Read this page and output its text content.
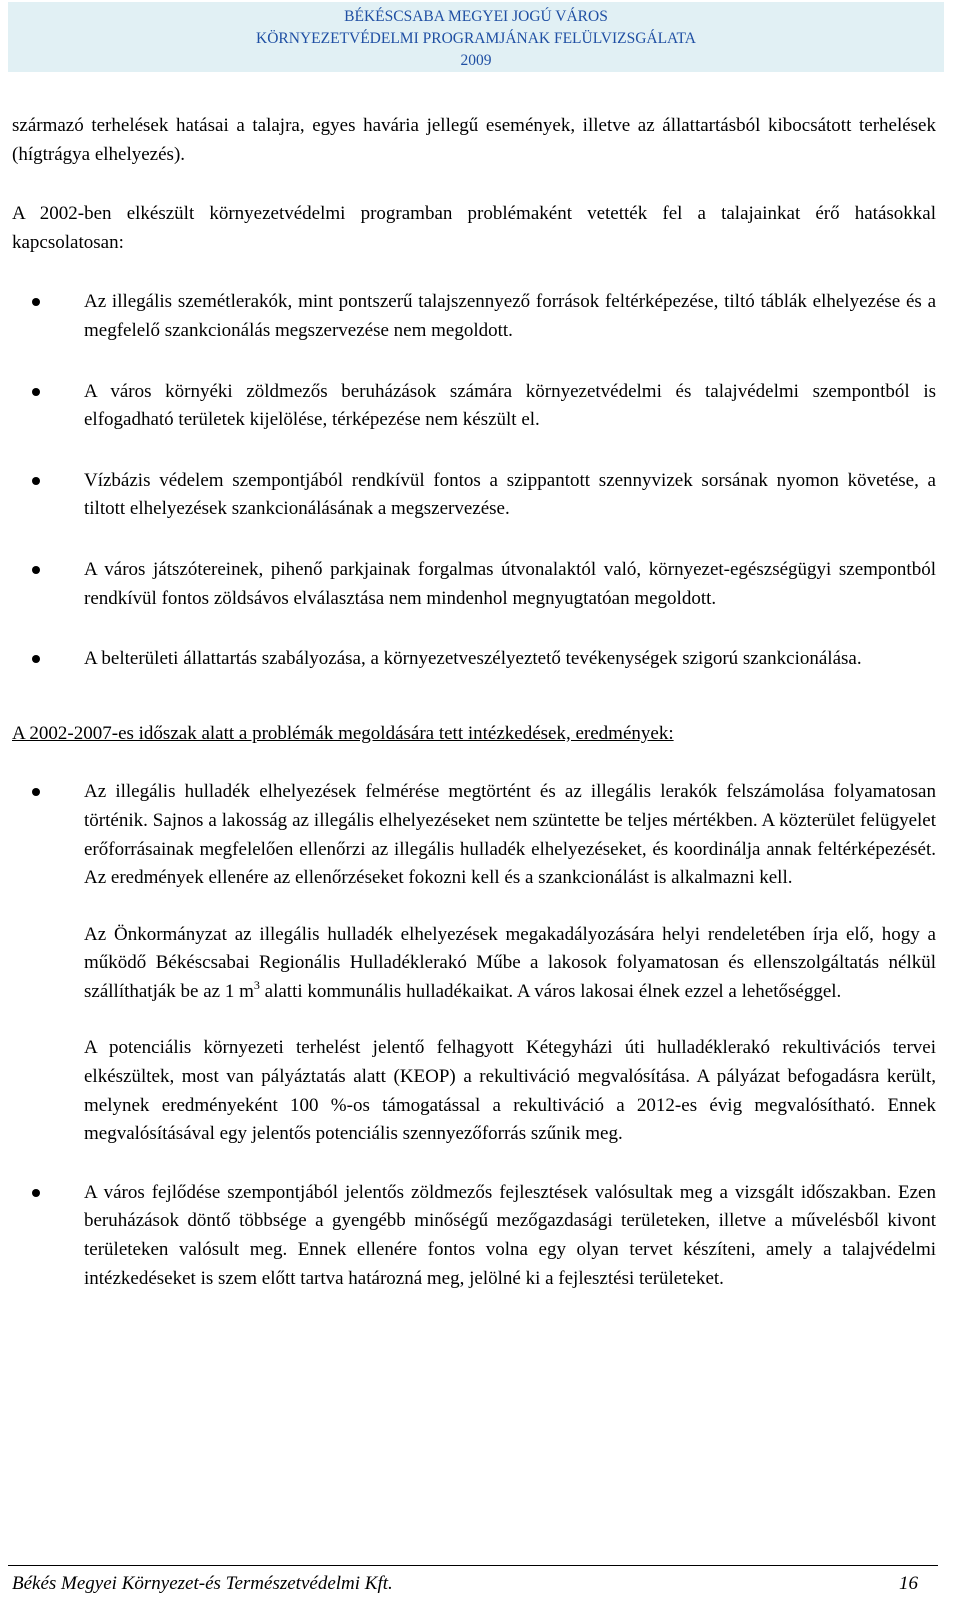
BÉKÉSCSABA MEGYEI JOGÚ VÁROS
KÖRNYEZETVÉDELMI PROGRAMJÁNAK FELÜLVIZSGÁLATA
2009

származó terhelések hatásai a talajra, egyes havária jellegű események, illetve az állattartásból kibocsátott terhelések (hígtrágya elhelyezés).

A 2002-ben elkészült környezetvédelmi programban problémaként vetették fel a talajainkat érő hatásokkal kapcsolatosan:

Az illegális szemétlerakók, mint pontszerű talajszennyező források feltérképezése, tiltó táblák elhelyezése és a megfelelő szankcionálás megszervezése nem megoldott.
A város környéki zöldmezős beruházások számára környezetvédelmi és talajvédelmi szempontból is elfogadható területek kijelölése, térképezése nem készült el.
Vízbázis védelem szempontjából rendkívül fontos a szippantott szennyvizek sorsának nyomon követése, a tiltott elhelyezések szankcionálásának a megszervezése.
A város játszótereinek, pihenő parkjainak forgalmas útvonalaktól való, környezet-egészségügyi szempontból rendkívül fontos zöldsávos elválasztása nem mindenhol megnyugtatóan megoldott.
A belterületi állattartás szabályozása, a környezetveszélyeztető tevékenységek szigorú szankcionálása.

A 2002-2007-es időszak alatt a problémák megoldására tett intézkedések, eredmények:

Az illegális hulladék elhelyezések felmérése megtörtént és az illegális lerakók felszámolása folyamatosan történik. Sajnos a lakosság az illegális elhelyezéseket nem szüntette be teljes mértékben. A közterület felügyelet erőforrásainak megfelelően ellenőrzi az illegális hulladék elhelyezéseket, és koordinálja annak feltérképezését. Az eredmények ellenére az ellenőrzéseket fokozni kell és a szankcionálást is alkalmazni kell.

Az Önkormányzat az illegális hulladék elhelyezések megakadályozására helyi rendeletében írja elő, hogy a működő Békéscsabai Regionális Hulladéklerakó Műbe a lakosok folyamatosan és ellenszolgáltatás nélkül szállíthatják be az 1 $m^3$ alatti kommunális hulladékaikat. A város lakosai élnek ezzel a lehetőséggel.

A potenciális környezeti terhelést jelentő felhagyott Kétegyházi úti hulladéklerakó rekultivációs tervei elkészültek, most van pályáztatás alatt (KEOP) a rekultiváció megvalósítása. A pályázat befogadásra került, melynek eredményeként 100 %-os támogatással a rekultiváció a 2012-es évig megvalósítható. Ennek megvalósításával egy jelentős potenciális szennyezőforrás szűnik meg.

A város fejlődése szempontjából jelentős zöldmezős fejlesztések valósultak meg a vizsgált időszakban. Ezen beruházások döntő többsége a gyengébb minőségű mezőgazdasági területeken, illetve a művelésből kivont területeken valósult meg. Ennek ellenére fontos volna egy olyan tervet készíteni, amely a talajvédelmi intézkedéseket is szem előtt tartva határozná meg, jelölné ki a fejlesztési területeket.
Békés Megyei Környezet-és Természetvédelmi Kft.	16
